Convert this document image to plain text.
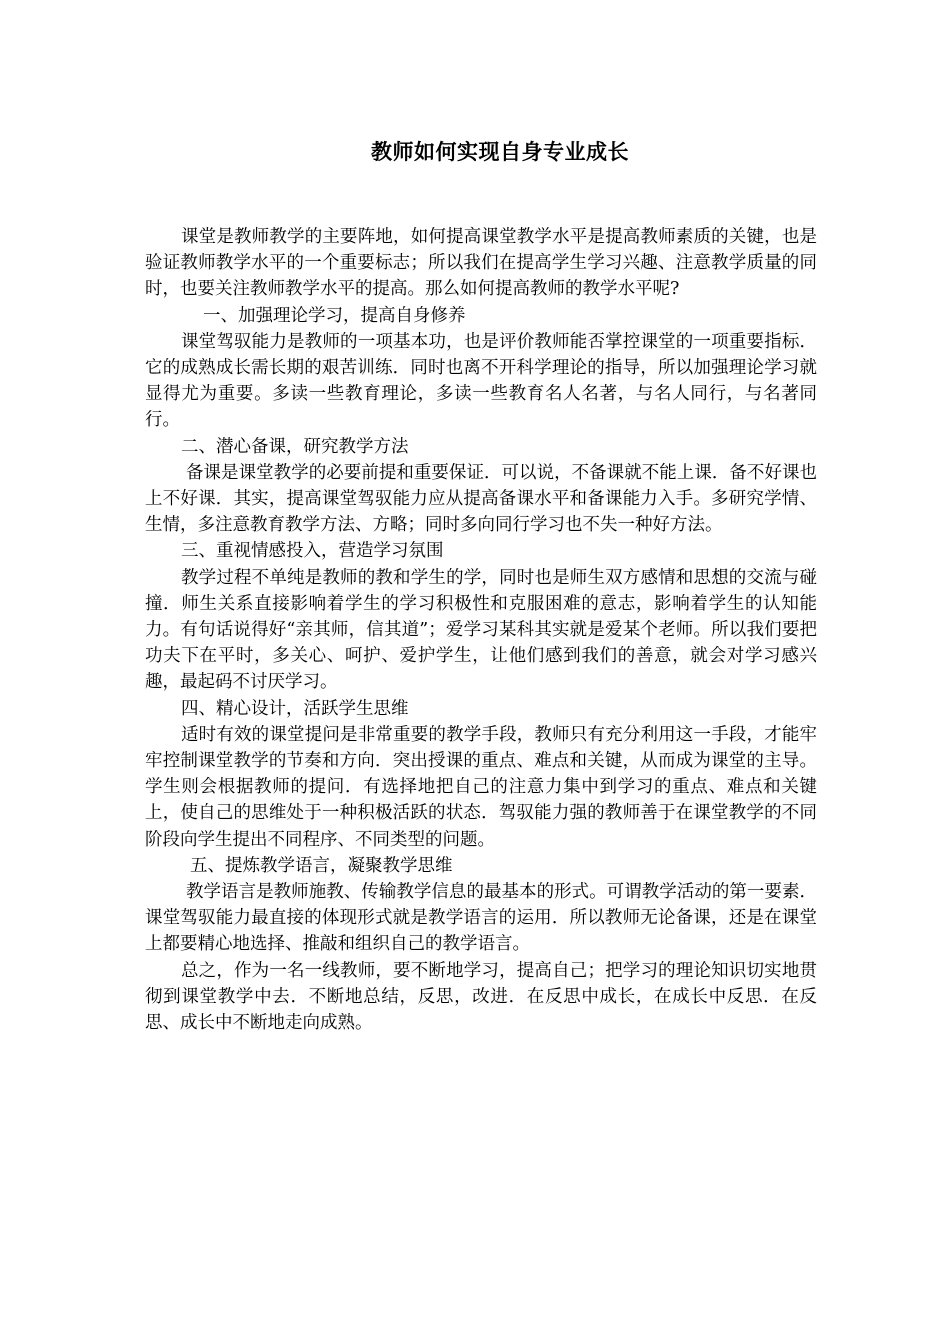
教师如何实现自身专业成长

课堂是教师教学的主要阵地，如何提高课堂教学水平是提高教师素质的关键，也是验证教师教学水平的一个重要标志；所以我们在提高学生学习兴趣、注意教学质量的同时，也要关注教师教学水平的提高。那么如何提高教师的教学水平呢?

一、加强理论学习，提高自身修养

课堂驾驭能力是教师的一项基本功，也是评价教师能否掌控课堂的一项重要指标．它的成熟成长需长期的艰苦训练．同时也离不开科学理论的指导，所以加强理论学习就显得尤为重要。多读一些教育理论，多读一些教育名人名著，与名人同行，与名著同行。

二、潜心备课，研究教学方法

备课是课堂教学的必要前提和重要保证．可以说，不备课就不能上课．备不好课也上不好课．其实，提高课堂驾驭能力应从提高备课水平和备课能力入手。多研究学情、生情，多注意教育教学方法、方略；同时多向同行学习也不失一种好方法。

三、重视情感投入，营造学习氛围

教学过程不单纯是教师的教和学生的学，同时也是师生双方感情和思想的交流与碰撞．师生关系直接影响着学生的学习积极性和克服困难的意志，影响着学生的认知能力。有句话说得好“亲其师，信其道”；爱学习某科其实就是爱某个老师。所以我们要把功夫下在平时，多关心、呵护、爱护学生，让他们感到我们的善意，就会对学习感兴趣，最起码不讨厌学习。

四、精心设计，活跃学生思维

适时有效的课堂提问是非常重要的教学手段，教师只有充分利用这一手段，才能牢牢控制课堂教学的节奏和方向．突出授课的重点、难点和关键，从而成为课堂的主导。学生则会根据教师的提问．有选择地把自己的注意力集中到学习的重点、难点和关键上，使自己的思维处于一种积极活跃的状态．驾驭能力强的教师善于在课堂教学的不同阶段向学生提出不同程序、不同类型的问题。

五、提炼教学语言，凝聚教学思维

教学语言是教师施教、传输教学信息的最基本的形式。可谓教学活动的第一要素．课堂驾驭能力最直接的体现形式就是教学语言的运用．所以教师无论备课，还是在课堂上都要精心地选择、推敲和组织自己的教学语言。

总之，作为一名一线教师，要不断地学习，提高自己；把学习的理论知识切实地贯彻到课堂教学中去．不断地总结，反思，改进．在反思中成长，在成长中反思．在反思、成长中不断地走向成熟。
